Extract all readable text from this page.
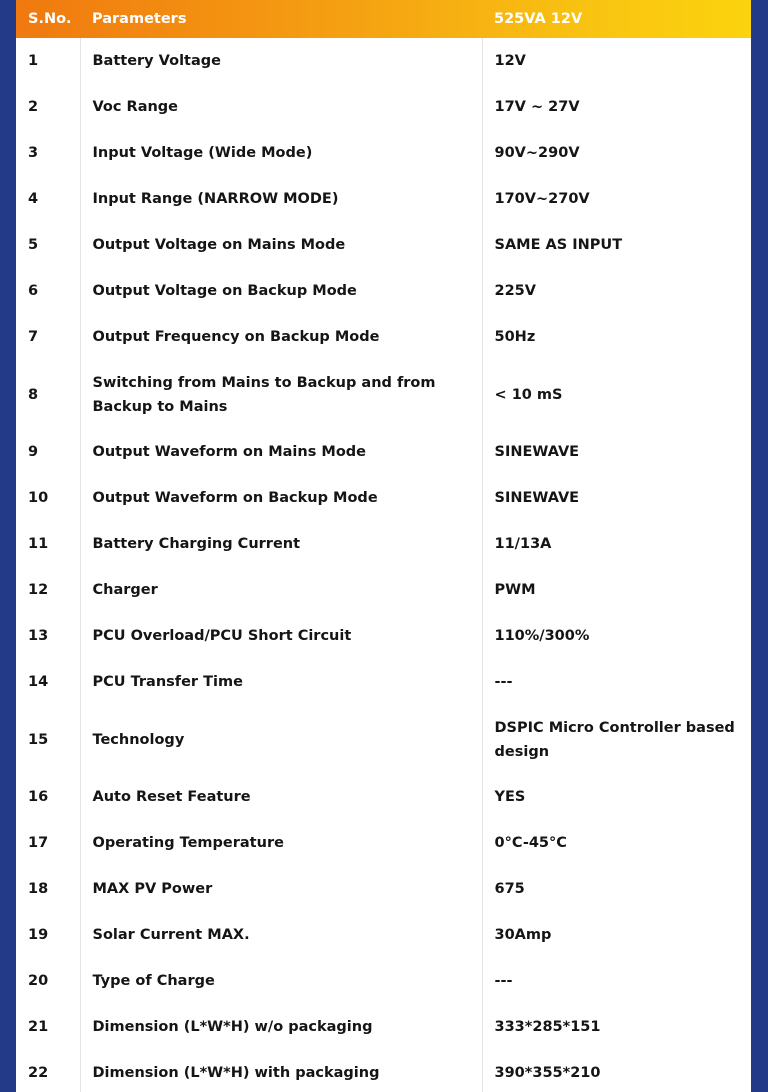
S.No.	Parameters	525VA 12V
1	Battery Voltage	12V
2	Voc Range	17V ~ 27V
3	Input Voltage (Wide Mode)	90V~290V
4	Input Range (NARROW MODE)	170V~270V
5	Output Voltage on Mains Mode	SAME AS INPUT
6	Output Voltage on Backup Mode	225V
7	Output Frequency on Backup Mode	50Hz
8	Switching from Mains to Backup and from Backup to Mains	< 10 mS
9	Output Waveform on Mains Mode	SINEWAVE
10	Output Waveform on Backup Mode	SINEWAVE
11	Battery Charging Current	11/13A
12	Charger	PWM
13	PCU Overload/PCU Short Circuit	110%/300%
14	PCU Transfer Time	---
15	Technology	DSPIC Micro Controller based design
16	Auto Reset Feature	YES
17	Operating Temperature	0°C-45°C
18	MAX PV Power	675
19	Solar Current MAX.	30Amp
20	Type of Charge	---
21	Dimension (L*W*H) w/o packaging	333*285*151
22	Dimension (L*W*H) with packaging	390*355*210
